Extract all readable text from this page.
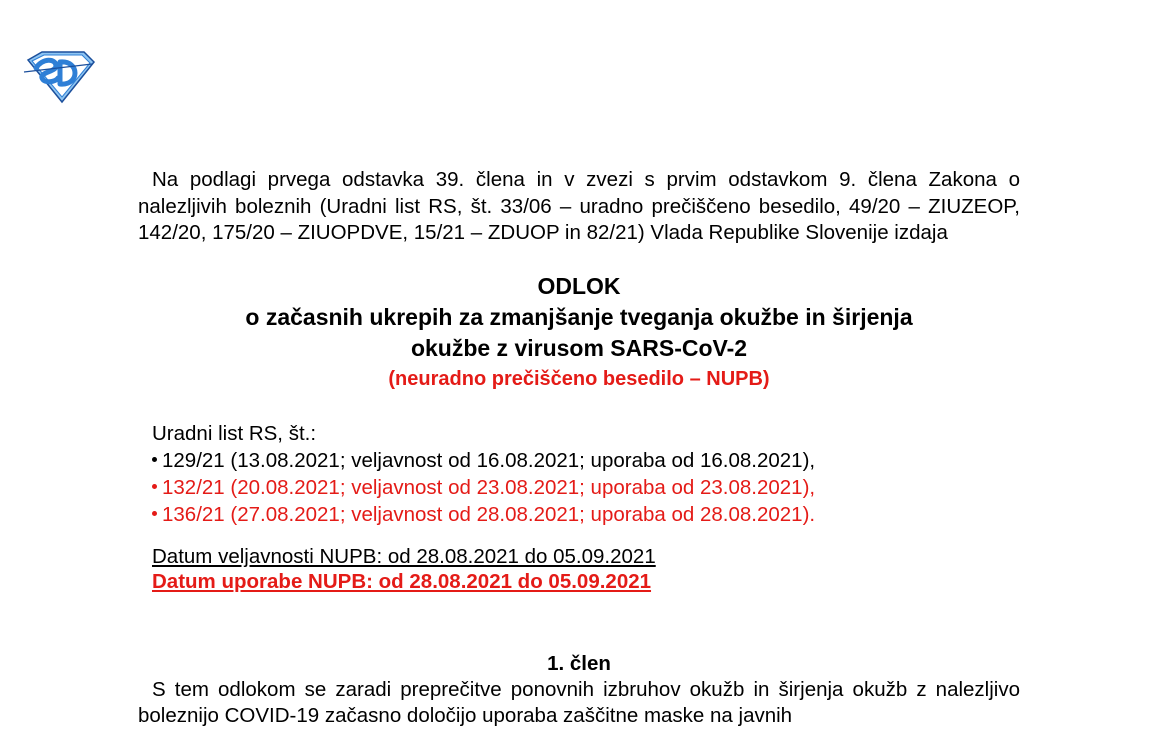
Na podlagi prvega odstavka 39. člena in v zvezi s prvim odstavkom 9. člena Zakona o nalezljivih boleznih (Uradni list RS, št. 33/06 – uradno prečiščeno besedilo, 49/20 – ZIUZEOP, 142/20, 175/20 – ZIUOPDVE, 15/21 – ZDUOP in 82/21) Vlada Republike Slovenije izdaja

ODLOK
o začasnih ukrepih za zmanjšanje tveganja okužbe in širjenja
okužbe z virusom SARS-CoV-2
(neuradno prečiščeno besedilo – NUPB)
Uradni list RS, št.:
129/21 (13.08.2021; veljavnost od 16.08.2021; uporaba od 16.08.2021),
132/21 (20.08.2021; veljavnost od 23.08.2021; uporaba od 23.08.2021),
136/21 (27.08.2021; veljavnost od 28.08.2021; uporaba od 28.08.2021).
Datum veljavnosti NUPB: od 28.08.2021 do 05.09.2021
Datum uporabe NUPB: od 28.08.2021 do 05.09.2021
1. člen

S tem odlokom se zaradi preprečitve ponovnih izbruhov okužb in širjenja okužb z nalezljivo boleznijo COVID-19 začasno določijo uporaba zaščitne maske na javnih
